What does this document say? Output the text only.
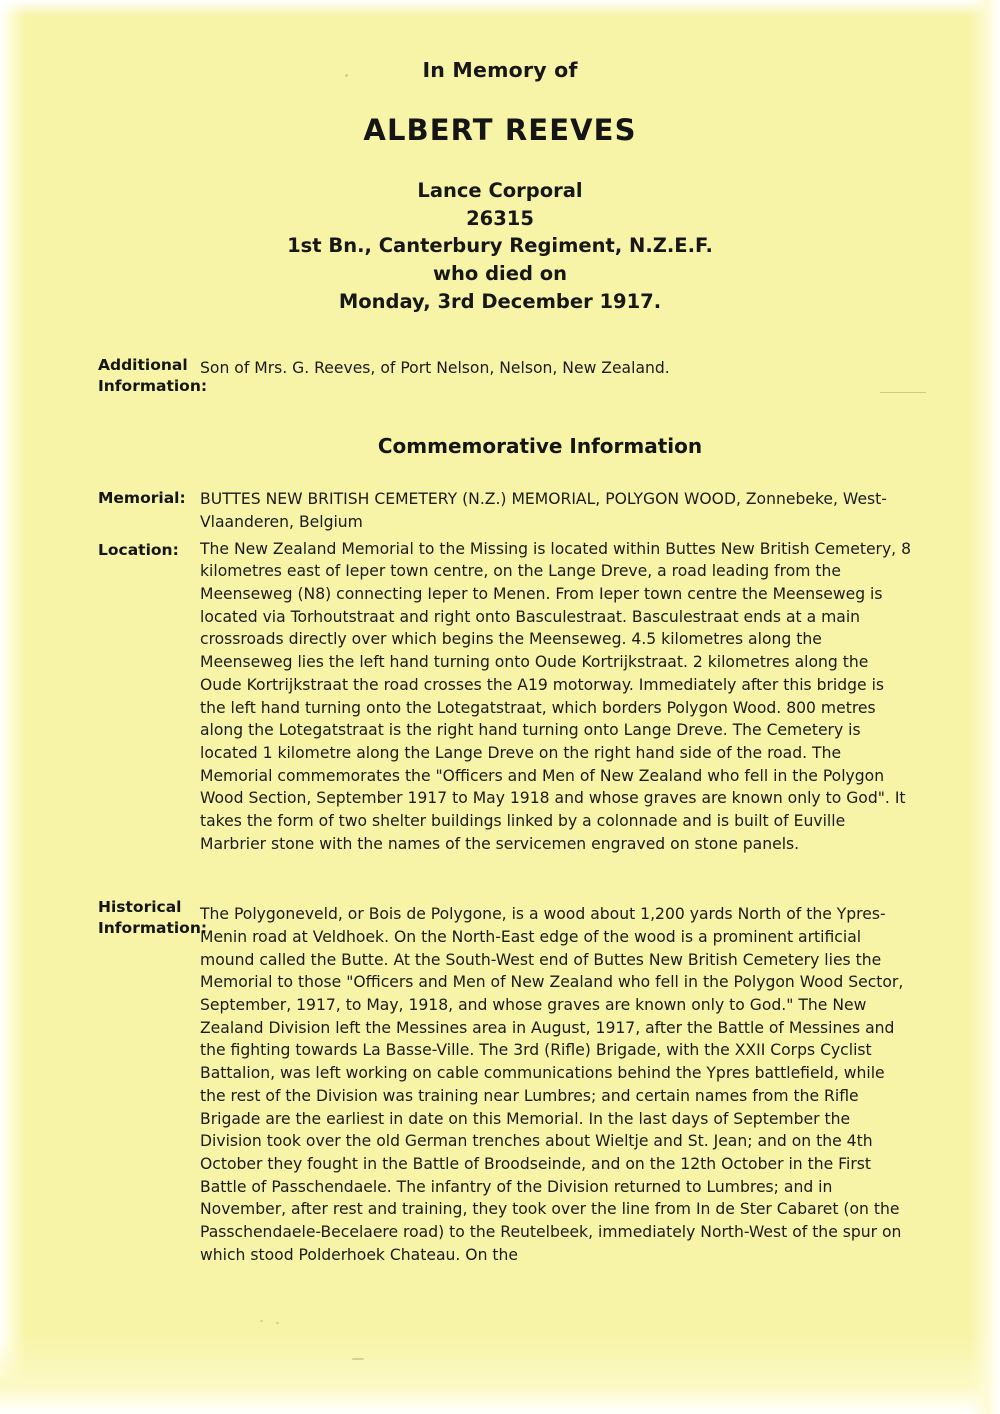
In Memory of
ALBERT REEVES
Lance Corporal
26315
1st Bn., Canterbury Regiment, N.Z.E.F.
who died on
Monday, 3rd December 1917.
Additional
Information:

Son of Mrs. G. Reeves, of Port Nelson, Nelson, New Zealand.

Commemorative Information
Memorial: BUTTES NEW BRITISH CEMETERY (N.Z.) MEMORIAL, POLYGON WOOD, Zonnebeke, West-Vlaanderen, Belgium

Location:	The New Zealand Memorial to the Missing is located within Buttes New British Cemetery, 8 kilometres east of Ieper town centre, on the Lange Dreve, a road leading from the Meenseweg (N8) connecting Ieper to Menen. From Ieper town centre the Meenseweg is located via Torhoutstraat and right onto Basculestraat. Basculestraat ends at a main crossroads directly over which begins the Meenseweg. 4.5 kilometres along the Meenseweg lies the left hand turning onto Oude Kortrijkstraat. 2 kilometres along the Oude Kortrijkstraat the road crosses the A19 motorway. Immediately after this bridge is the left hand turning onto the Lotegatstraat, which borders Polygon Wood. 800 metres along the Lotegatstraat is the right hand turning onto Lange Dreve. The Cemetery is located 1 kilometre along the Lange Dreve on the right hand side of the road. The Memorial commemorates the "Officers and Men of New Zealand who fell in the Polygon Wood Section, September 1917 to May 1918 and whose graves are known only to God". It takes the form of two shelter buildings linked by a colonnade and is built of Euville Marbrier stone with the names of the servicemen engraved on stone panels.

Historical
Information:

The Polygoneveld, or Bois de Polygone, is a wood about 1,200 yards North of the Ypres-Menin road at Veldhoek. On the North-East edge of the wood is a prominent artificial mound called the Butte. At the South-West end of Buttes New British Cemetery lies the Memorial to those "Officers and Men of New Zealand who fell in the Polygon Wood Sector, September, 1917, to May, 1918, and whose graves are known only to God." The New Zealand Division left the Messines area in August, 1917, after the Battle of Messines and the fighting towards La Basse-Ville. The 3rd (Rifle) Brigade, with the XXII Corps Cyclist Battalion, was left working on cable communications behind the Ypres battlefield, while the rest of the Division was training near Lumbres; and certain names from the Rifle Brigade are the earliest in date on this Memorial. In the last days of September the Division took over the old German trenches about Wieltje and St. Jean; and on the 4th October they fought in the Battle of Broodseinde, and on the 12th October in the First Battle of Passchendaele. The infantry of the Division returned to Lumbres; and in November, after rest and training, they took over the line from In de Ster Cabaret (on the Passchendaele-Becelaere road) to the Reutelbeek, immediately North-West of the spur on which stood Polderhoek Chateau. On the
